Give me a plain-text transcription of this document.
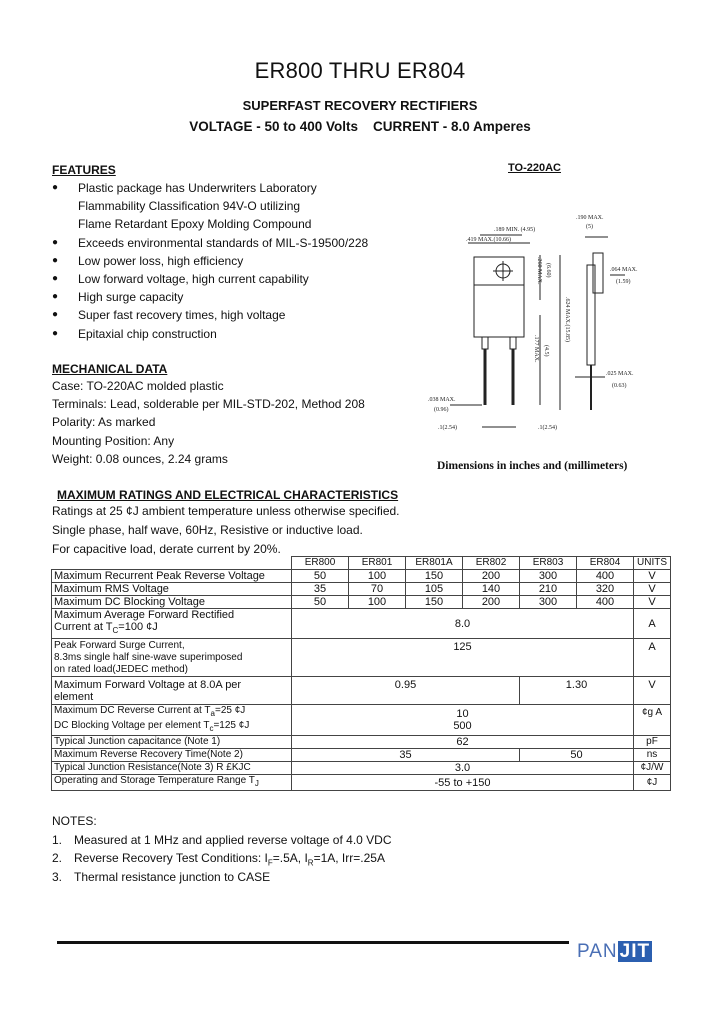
ER800 THRU ER804
SUPERFAST RECOVERY RECTIFIERS
VOLTAGE - 50 to 400 Volts    CURRENT - 8.0 Amperes
FEATURES
● Plastic package has Underwriters Laboratory
Flammability Classification 94V-O utilizing
Flame Retardant Epoxy Molding Compound
● Exceeds environmental standards of MIL-S-19500/228
● Low power loss, high efficiency
● Low forward voltage, high current capability
● High surge capacity
● Super fast recovery times, high voltage
● Epitaxial chip construction
MECHANICAL DATA
Case: TO-220AC molded plastic
Terminals: Lead, solderable per MIL-STD-202, Method 208
Polarity: As marked
Mounting Position: Any
Weight: 0.08 ounces, 2.24 grams
TO-220AC
.189 MIN. (4.95)
.419 MAX.(10.66)
.190 MAX.
(5)
.064 MAX.
(1.59)
.260 MAX. (6.60)
.624 MAX.(15.85)
.177 MAX. (4.5)
.025 MAX.
(0.63)
.038 MAX.
(0.96)
.1(2.54)	.1(2.54)
Dimensions in inches and (millimeters)
MAXIMUM RATINGS AND ELECTRICAL CHARACTERISTICS
Ratings at 25 ¢J ambient temperature unless otherwise specified.
Single phase, half wave, 60Hz, Resistive or inductive load.
For capacitive load, derate current by 20%.
	ER800	ER801	ER801A	ER802	ER803	ER804	UNITS
Maximum Recurrent Peak Reverse Voltage	50	100	150	200	300	400	V
Maximum RMS Voltage	35	70	105	140	210	320	V
Maximum DC Blocking Voltage	50	100	150	200	300	400	V
Maximum Average Forward Rectified
Current at $T_C=100$ ¢J	8.0						A
Peak Forward Surge Current,
8.3ms single half sine-wave superimposed
on rated load(JEDEC method)	125						A
Maximum Forward Voltage at 8.0A per
element	0.95				1.30		V
Maximum DC Reverse Current at $T_a=25$ ¢J
DC Blocking Voltage per element $T_c=125$ ¢J	10
500						¢g A
Typical Junction capacitance (Note 1)	62						pF
Maximum Reverse Recovery Time(Note 2)	35				50		ns
Typical Junction Resistance(Note 3) R £KJC	3.0						¢J/W
Operating and Storage Temperature Range $T_J$	-55 to +150						¢J
NOTES:
1. Measured at 1 MHz and applied reverse voltage of 4.0 VDC
2. Reverse Recovery Test Conditions: $I_F=.5A$, $I_R=1A$, Irr=.25A
3. Thermal resistance junction to CASE
PAN JIT
